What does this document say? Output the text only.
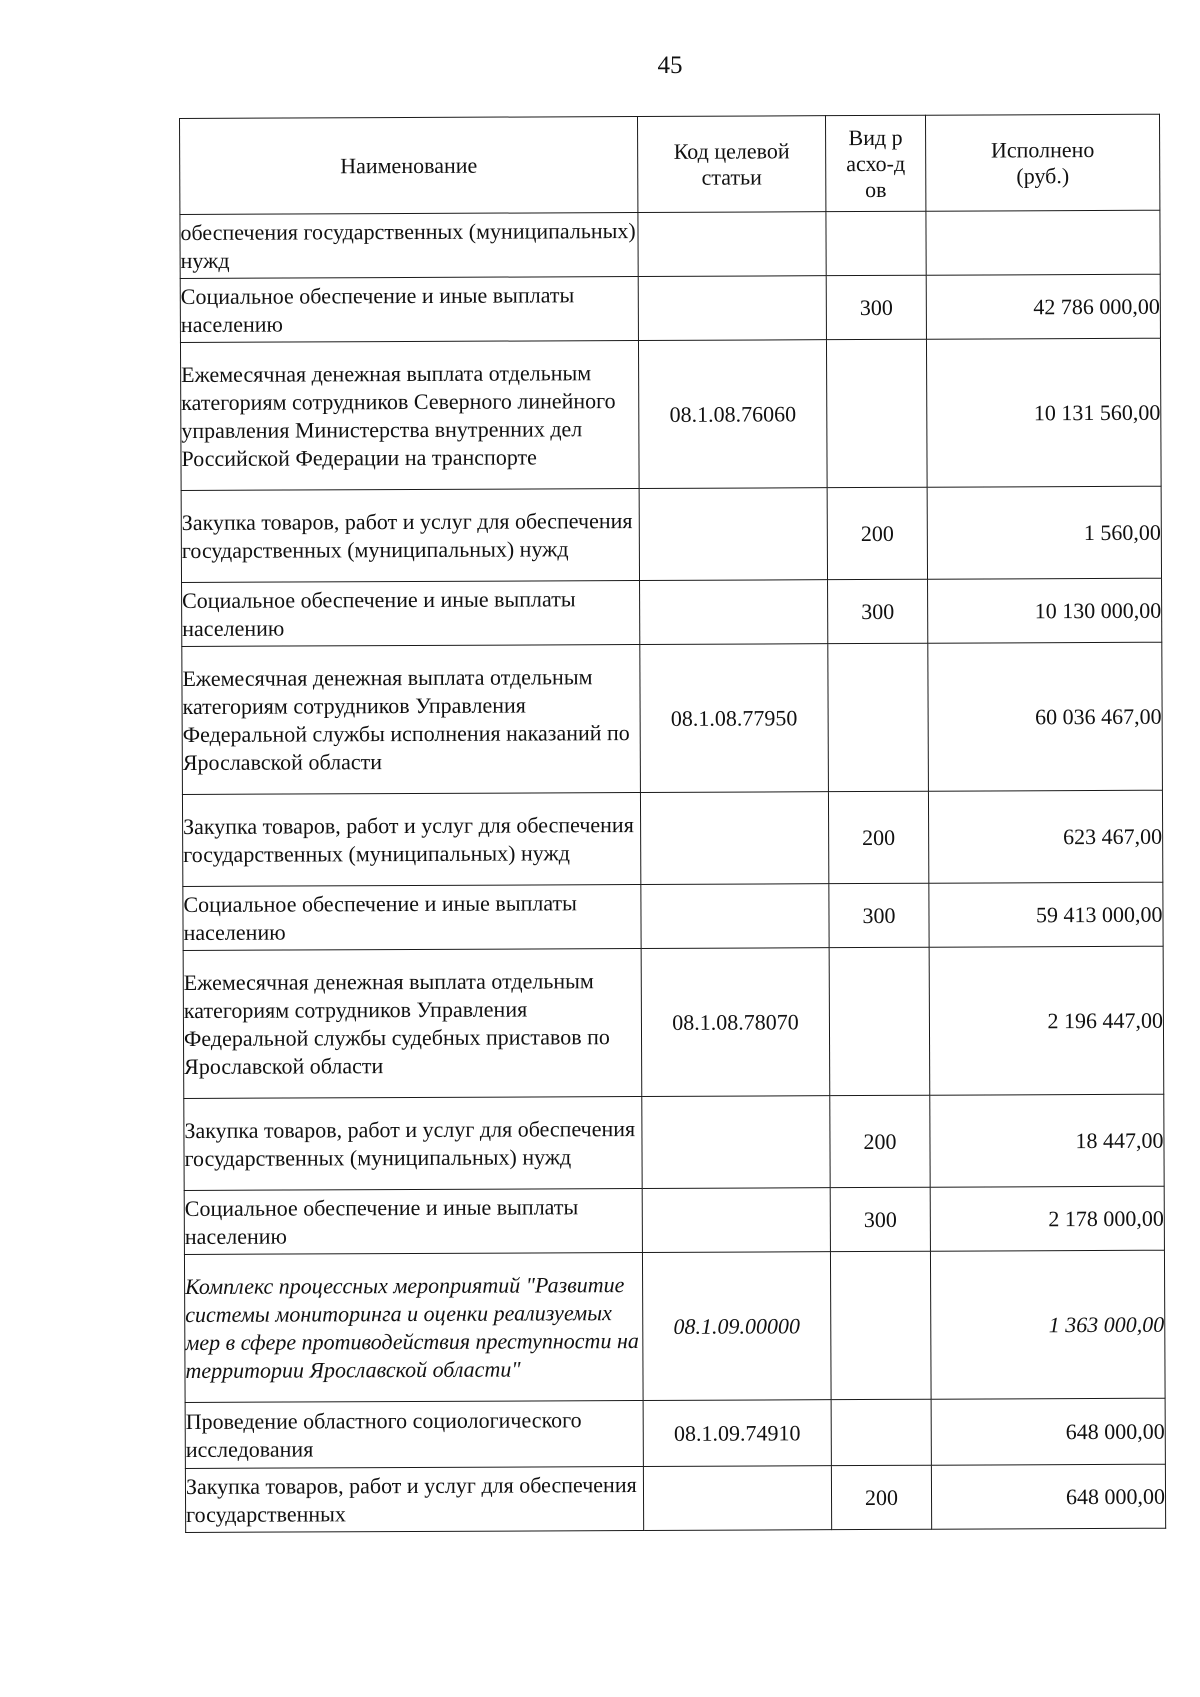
45
Наименование	Код целевой статьи	Вид расхо-дов	Исполнено (руб.)

обеспечения государственных (муниципальных) нужд			
Социальное обеспечение и иные выплаты населению		300	42 786 000,00
Ежемесячная денежная выплата отдельным категориям сотрудников Северного линейного управления Министерства внутренних дел Российской Федерации на транспорте	08.1.08.76060		10 131 560,00
Закупка товаров, работ и услуг для обеспечения государственных (муниципальных) нужд		200	1 560,00
Социальное обеспечение и иные выплаты населению		300	10 130 000,00
Ежемесячная денежная выплата отдельным категориям сотрудников Управления Федеральной службы исполнения наказаний по Ярославской области	08.1.08.77950		60 036 467,00
Закупка товаров, работ и услуг для обеспечения государственных (муниципальных) нужд		200	623 467,00
Социальное обеспечение и иные выплаты населению		300	59 413 000,00
Ежемесячная денежная выплата отдельным категориям сотрудников Управления Федеральной службы судебных приставов по Ярославской области	08.1.08.78070		2 196 447,00
Закупка товаров, работ и услуг для обеспечения государственных (муниципальных) нужд		200	18 447,00
Социальное обеспечение и иные выплаты населению		300	2 178 000,00
Комплекс процессных мероприятий "Развитие системы мониторинга и оценки реализуемых мер в сфере противодействия преступности на территории Ярославской области"	08.1.09.00000		1 363 000,00
Проведение областного социологического исследования	08.1.09.74910		648 000,00
Закупка товаров, работ и услуг для обеспечения государственных		200	648 000,00
